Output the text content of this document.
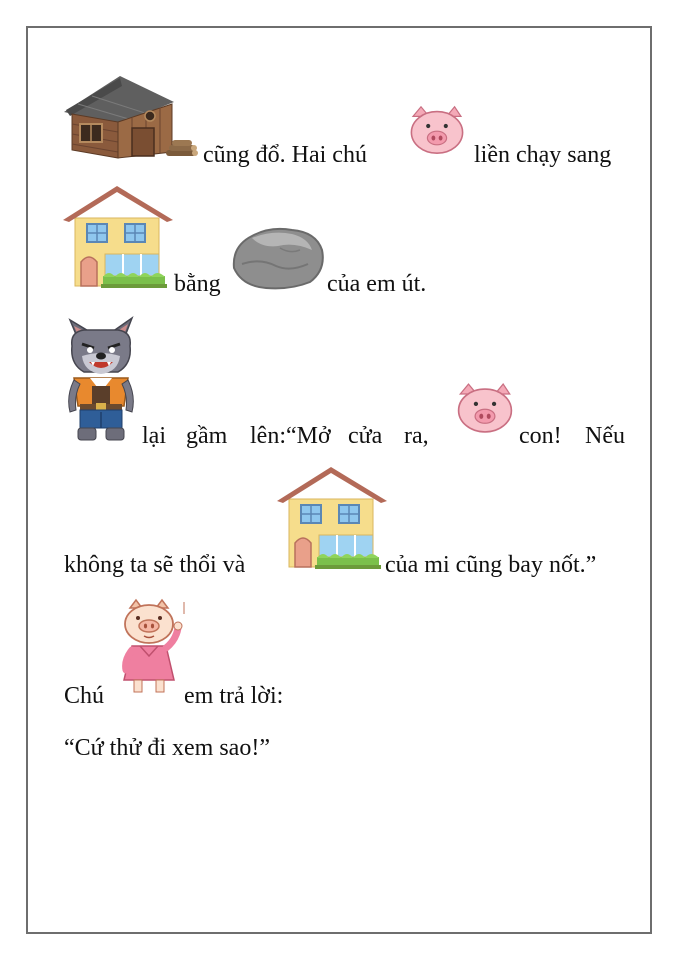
cũng đổ. Hai chú	liền chạy sang
bằng	của em út.
lại gầm lên:“Mở cửa ra,	con! Nếu
không ta sẽ thổi và	của mi cũng bay nốt.”
Chú	em trả lời:
“Cứ thử đi xem sao!”
